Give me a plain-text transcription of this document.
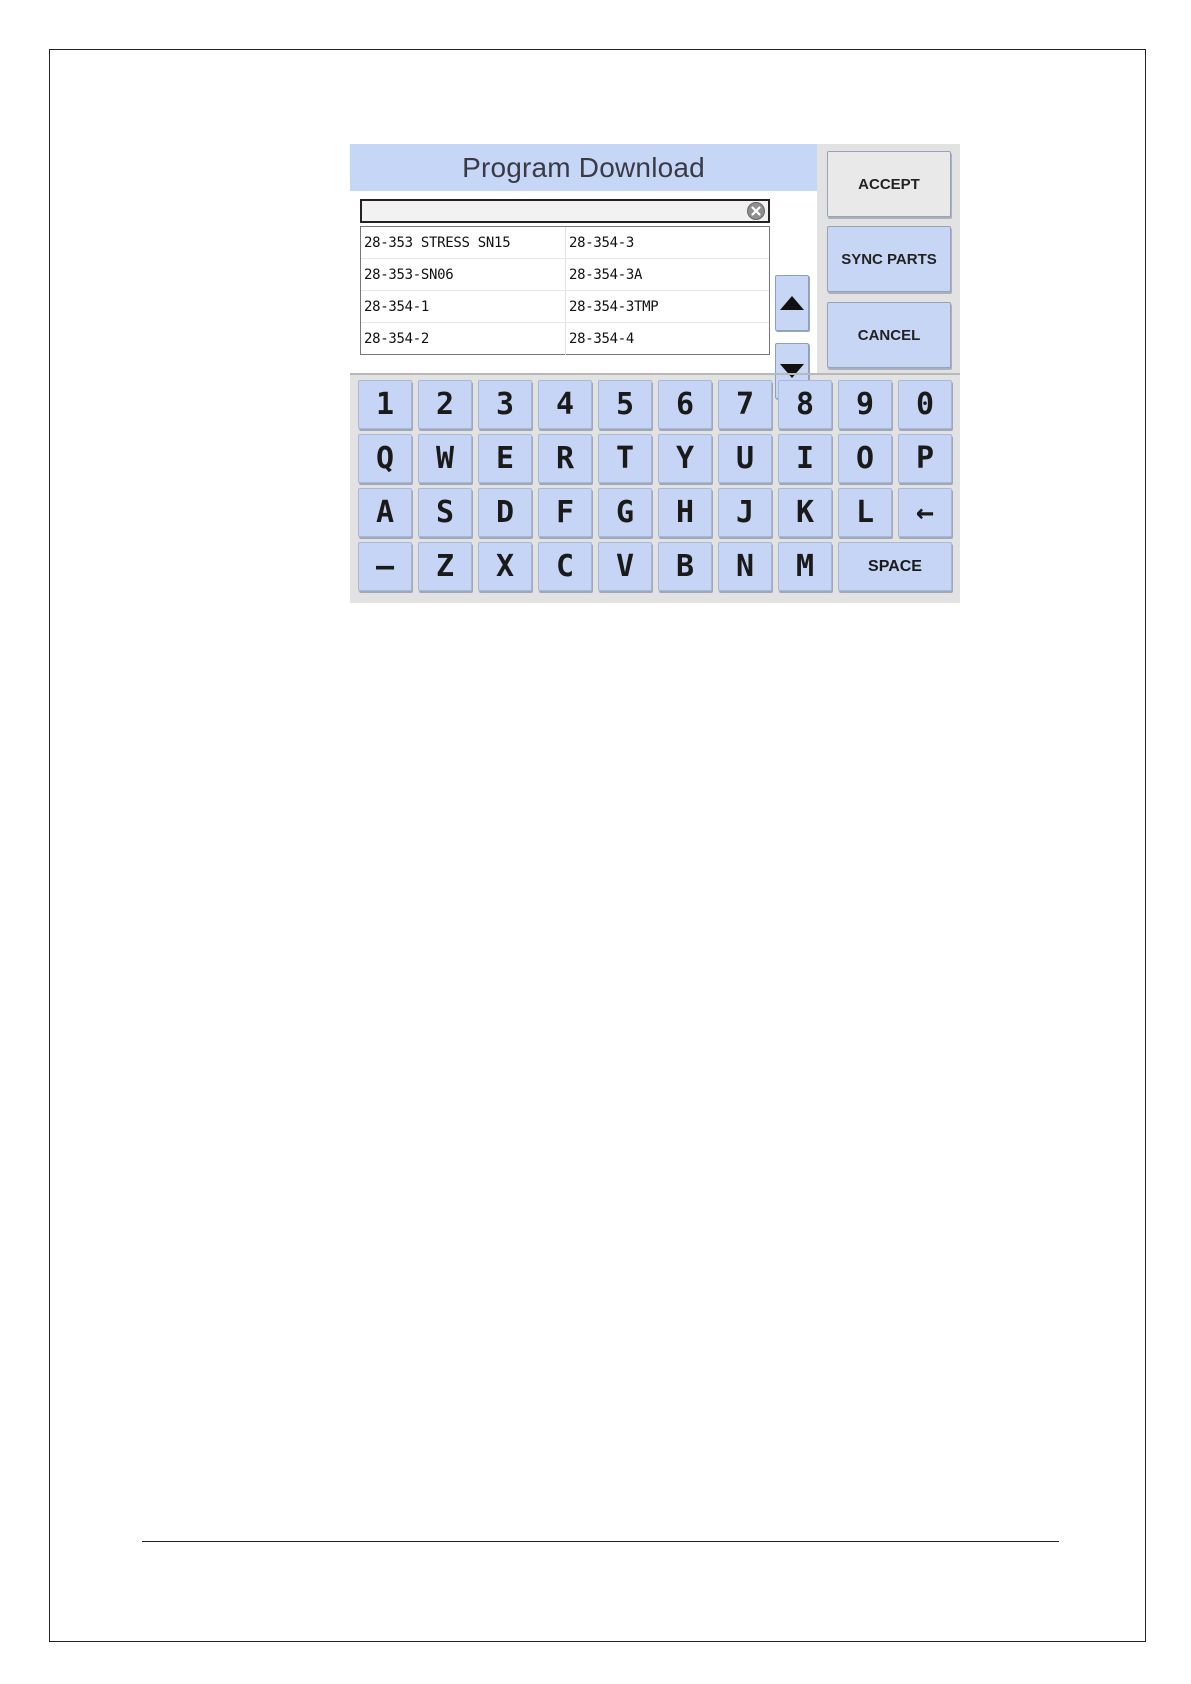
Program Download
28-353 STRESS SN15	28-354-3
28-353-SN06	28-354-3A
28-354-1	28-354-3TMP
28-354-2	28-354-4
ACCEPT
SYNC PARTS
CANCEL
1	2	3	4	5	6	7	8	9	0
Q	W	E	R	T	Y	U	I	O	P
A	S	D	F	G	H	J	K	L	←
–	Z	X	C	V	B	N	M	SPACE
